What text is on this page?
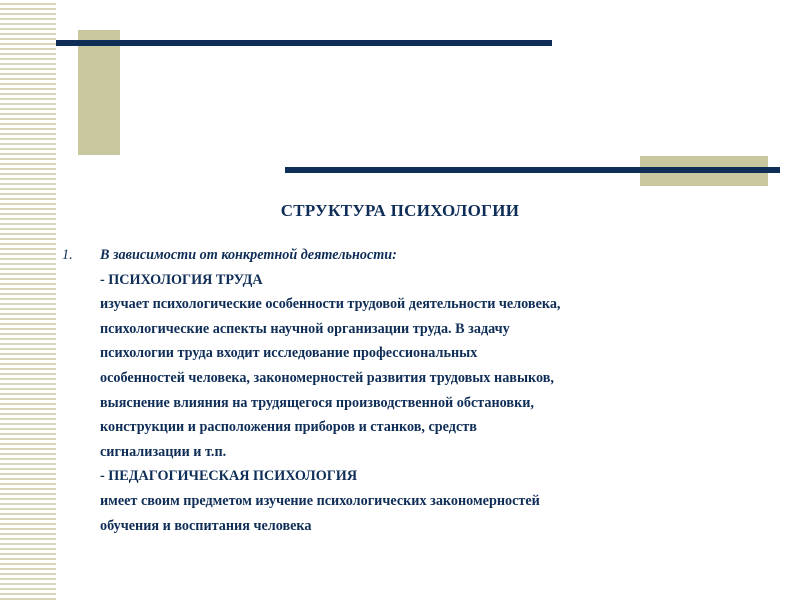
СТРУКТУРА ПСИХОЛОГИИ
1. В зависимости от конкретной деятельности:
- ПСИХОЛОГИЯ ТРУДА
изучает психологические особенности трудовой деятельности человека,
психологические аспекты научной организации труда. В задачу
психологии труда входит исследование профессиональных
особенностей человека, закономерностей развития трудовых навыков,
выяснение влияния на трудящегося производственной обстановки,
конструкции и расположения приборов и станков, средств
сигнализации и т.п.
- ПЕДАГОГИЧЕСКАЯ ПСИХОЛОГИЯ
имеет своим предметом изучение психологических закономерностей
обучения и воспитания человека
